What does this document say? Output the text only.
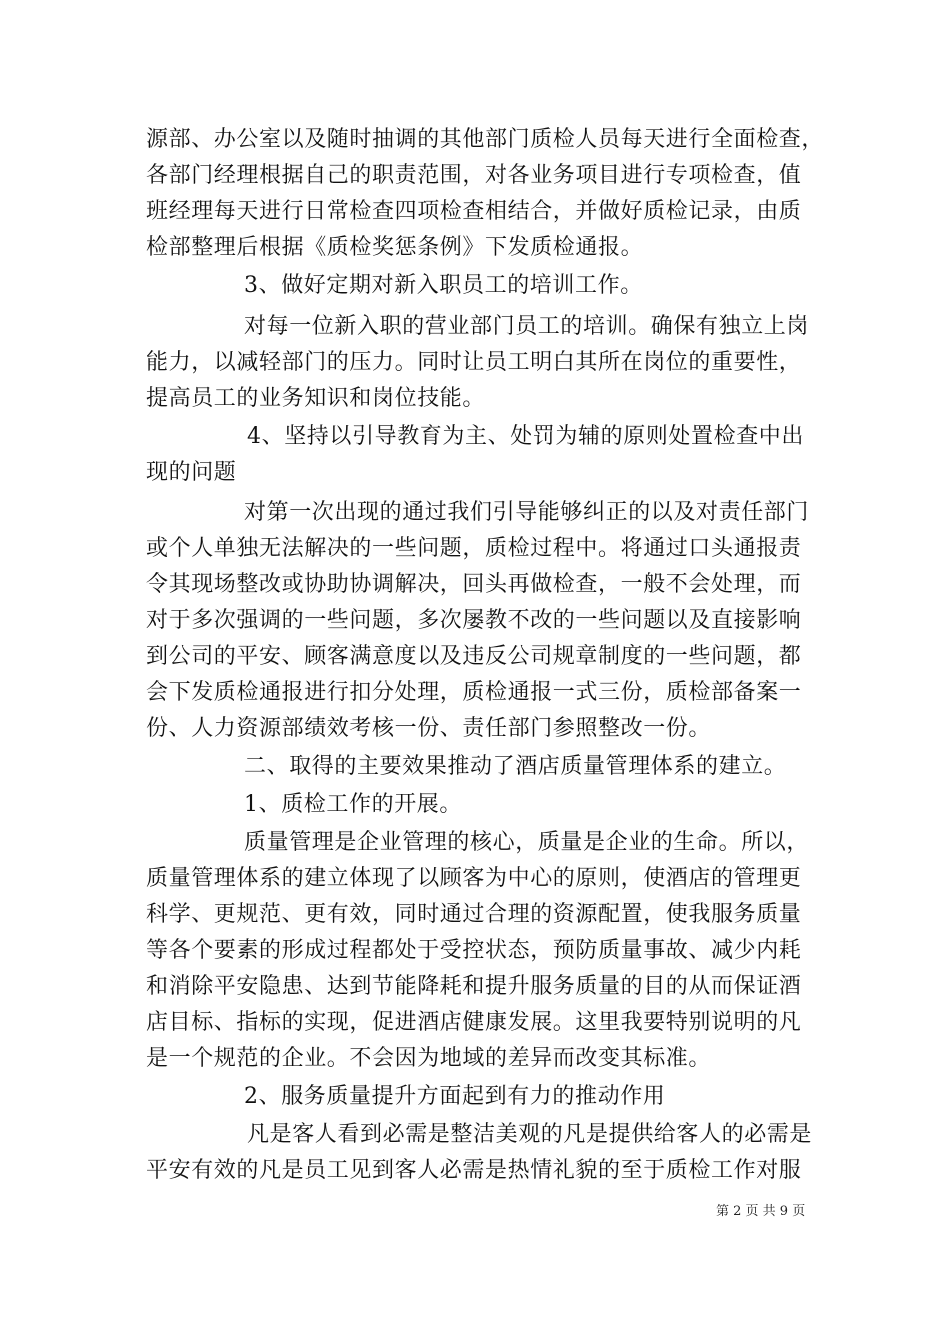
源部、办公室以及随时抽调的其他部门质检人员每天进行全面检查，
各部门经理根据自己的职责范围，对各业务项目进行专项检查，值
班经理每天进行日常检查四项检查相结合，并做好质检记录，由质
检部整理后根据《质检奖惩条例》下发质检通报。
3、做好定期对新入职员工的培训工作。
对每一位新入职的营业部门员工的培训。确保有独立上岗
能力，以减轻部门的压力。同时让员工明白其所在岗位的重要性，
提高员工的业务知识和岗位技能。
4、坚持以引导教育为主、处罚为辅的原则处置检查中出
现的问题
对第一次出现的通过我们引导能够纠正的以及对责任部门
或个人单独无法解决的一些问题，质检过程中。将通过口头通报责
令其现场整改或协助协调解决，回头再做检查，一般不会处理，而
对于多次强调的一些问题，多次屡教不改的一些问题以及直接影响
到公司的平安、顾客满意度以及违反公司规章制度的一些问题，都
会下发质检通报进行扣分处理，质检通报一式三份，质检部备案一
份、人力资源部绩效考核一份、责任部门参照整改一份。
二、取得的主要效果推动了酒店质量管理体系的建立。
1、质检工作的开展。
质量管理是企业管理的核心，质量是企业的生命。所以，
质量管理体系的建立体现了以顾客为中心的原则，使酒店的管理更
科学、更规范、更有效，同时通过合理的资源配置，使我服务质量
等各个要素的形成过程都处于受控状态，预防质量事故、减少内耗
和消除平安隐患、达到节能降耗和提升服务质量的目的从而保证酒
店目标、指标的实现，促进酒店健康发展。这里我要特别说明的凡
是一个规范的企业。不会因为地域的差异而改变其标准。
2、服务质量提升方面起到有力的推动作用
凡是客人看到必需是整洁美观的凡是提供给客人的必需是
平安有效的凡是员工见到客人必需是热情礼貌的至于质检工作对服
第 2 页 共 9 页
